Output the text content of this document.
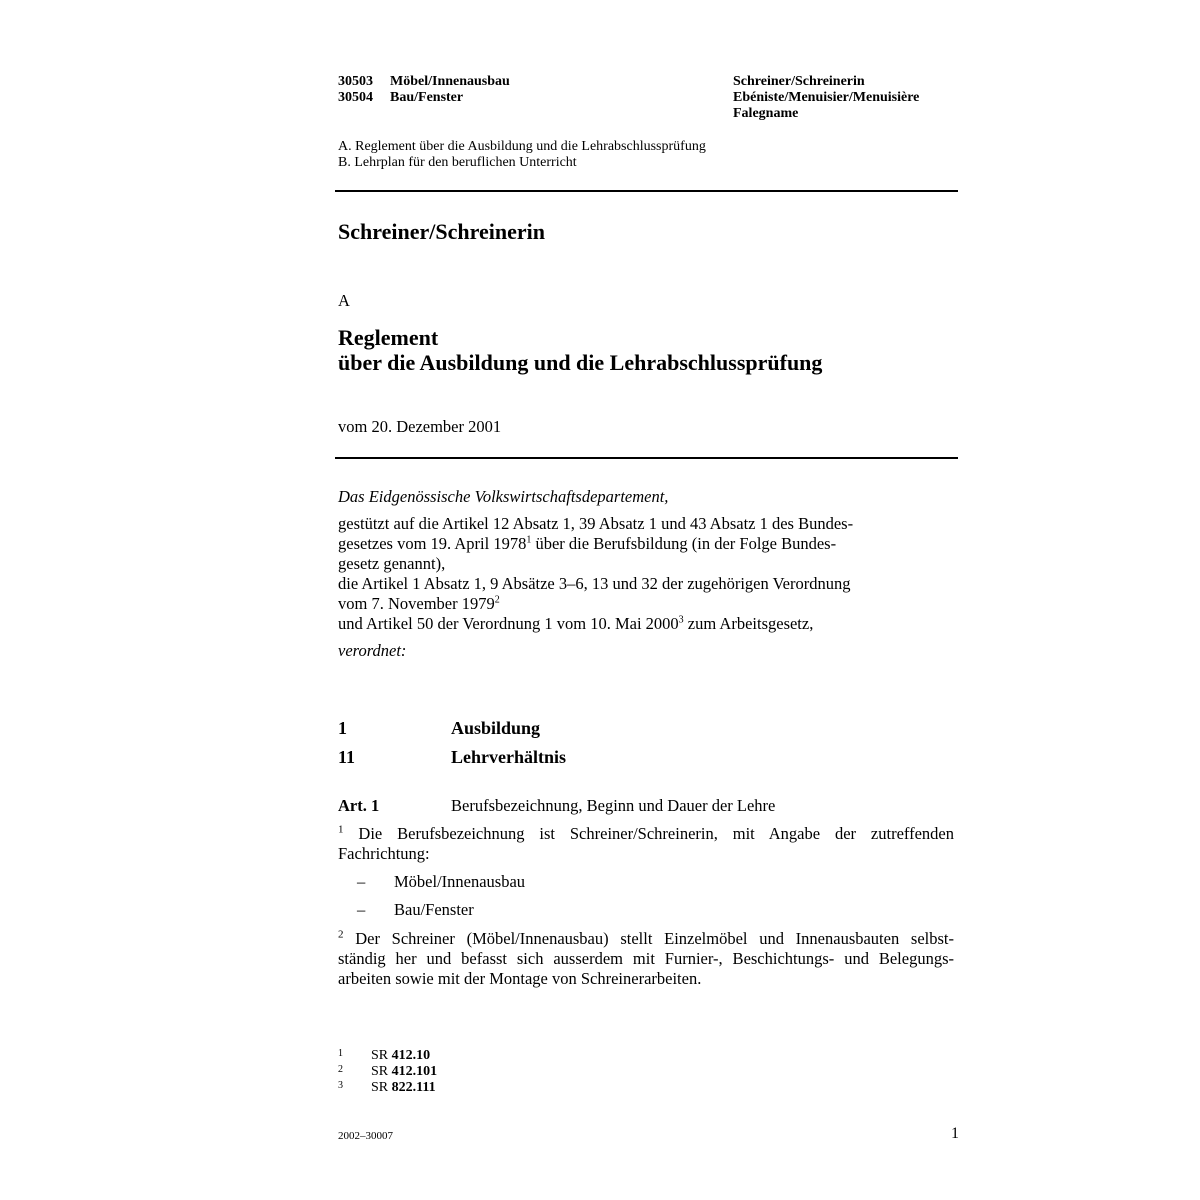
30503 Möbel/Innenausbau
30504 Bau/Fenster
Schreiner/Schreinerin
Ebéniste/Menuisier/Menuisière
Falegname
A. Reglement über die Ausbildung und die Lehrabschlussprüfung
B. Lehrplan für den beruflichen Unterricht
Schreiner/Schreinerin
A
Reglement
über die Ausbildung und die Lehrabschlussprüfung
vom 20. Dezember 2001
Das Eidgenössische Volkswirtschaftsdepartement,
gestützt auf die Artikel 12 Absatz 1, 39 Absatz 1 und 43 Absatz 1 des Bundes-
gesetzes vom 19. April 1978$^1$ über die Berufsbildung (in der Folge Bundes-
gesetz genannt),
die Artikel 1 Absatz 1, 9 Absätze 3–6, 13 und 32 der zugehörigen Verordnung
vom 7. November 1979$^2$
und Artikel 50 der Verordnung 1 vom 10. Mai 2000$^3$ zum Arbeitsgesetz,
verordnet:
1	Ausbildung
11	Lehrverhältnis
Art. 1	Berufsbezeichnung, Beginn und Dauer der Lehre
$^1$ Die Berufsbezeichnung ist Schreiner/Schreinerin, mit Angabe der zutreffenden
Fachrichtung:
– Möbel/Innenausbau
– Bau/Fenster
$^2$ Der Schreiner (Möbel/Innenausbau) stellt Einzelmöbel und Innenausbauten selbst-
ständig her und befasst sich ausserdem mit Furnier-, Beschichtungs- und Belegungs-
arbeiten sowie mit der Montage von Schreinerarbeiten.
1 SR 412.10
2 SR 412.101
3 SR 822.111
2002–30007	1
